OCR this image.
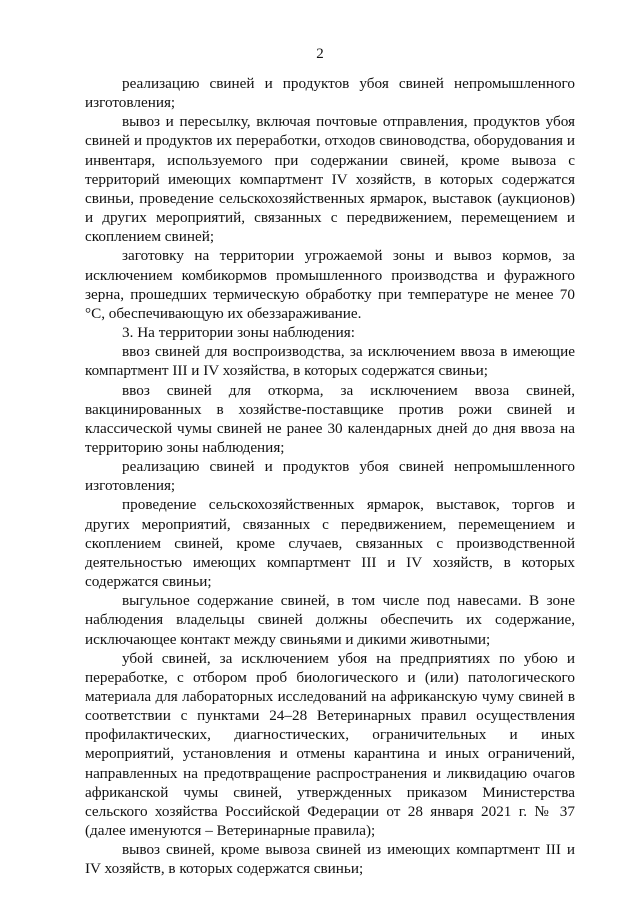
2

реализацию свиней и продуктов убоя свиней непромышленного изготовления;

вывоз и пересылку, включая почтовые отправления, продуктов убоя свиней и продуктов их переработки, отходов свиноводства, оборудования и инвентаря, используемого при содержании свиней, кроме вывоза с территорий имеющих компартмент IV хозяйств, в которых содержатся свиньи, проведение сельскохозяйственных ярмарок, выставок (аукционов) и других мероприятий, связанных с передвижением, перемещением и скоплением свиней;

заготовку на территории угрожаемой зоны и вывоз кормов, за исключением комбикормов промышленного производства и фуражного зерна, прошедших термическую обработку при температуре не менее 70 °С, обеспечивающую их обеззараживание.

3. На территории зоны наблюдения:

ввоз свиней для воспроизводства, за исключением ввоза в имеющие компартмент III и IV хозяйства, в которых содержатся свиньи;

ввоз свиней для откорма, за исключением ввоза свиней, вакцинированных в хозяйстве-поставщике против рожи свиней и классической чумы свиней не ранее 30 календарных дней до дня ввоза на территорию зоны наблюдения;

реализацию свиней и продуктов убоя свиней непромышленного изготовления;

проведение сельскохозяйственных ярмарок, выставок, торгов и других мероприятий, связанных с передвижением, перемещением и скоплением свиней, кроме случаев, связанных с производственной деятельностью имеющих компартмент III и IV хозяйств, в которых содержатся свиньи;

выгульное содержание свиней, в том числе под навесами. В зоне наблюдения владельцы свиней должны обеспечить их содержание, исключающее контакт между свиньями и дикими животными;

убой свиней, за исключением убоя на предприятиях по убою и переработке, с отбором проб биологического и (или) патологического материала для лабораторных исследований на африканскую чуму свиней в соответствии с пунктами 24–28 Ветеринарных правил осуществления профилактических, диагностических, ограничительных и иных мероприятий, установления и отмены карантина и иных ограничений, направленных на предотвращение распространения и ликвидацию очагов африканской чумы свиней, утвержденных приказом Министерства сельского хозяйства Российской Федерации от 28 января 2021 г. № 37 (далее именуются – Ветеринарные правила);

вывоз свиней, кроме вывоза свиней из имеющих компартмент III и IV хозяйств, в которых содержатся свиньи;
